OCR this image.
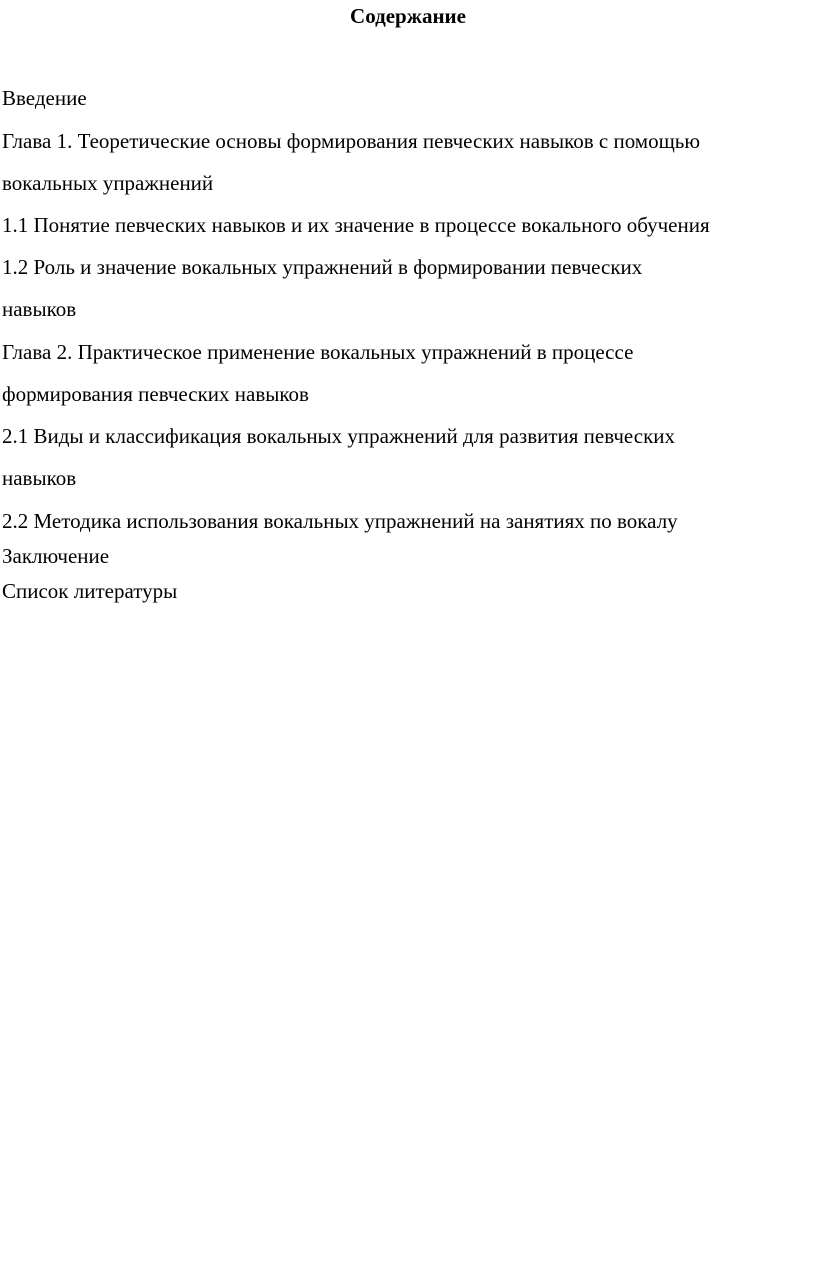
Содержание
Введение
Глава 1. Теоретические основы формирования певческих навыков с помощью
вокальных упражнений
1.1 Понятие певческих навыков и их значение в процессе вокального обучения
1.2 Роль и значение вокальных упражнений в формировании певческих
навыков
Глава 2. Практическое применение вокальных упражнений в процессе
формирования певческих навыков
2.1 Виды и классификация вокальных упражнений для развития певческих
навыков
2.2 Методика использования вокальных упражнений на занятиях по вокалу
Заключение
Список литературы
